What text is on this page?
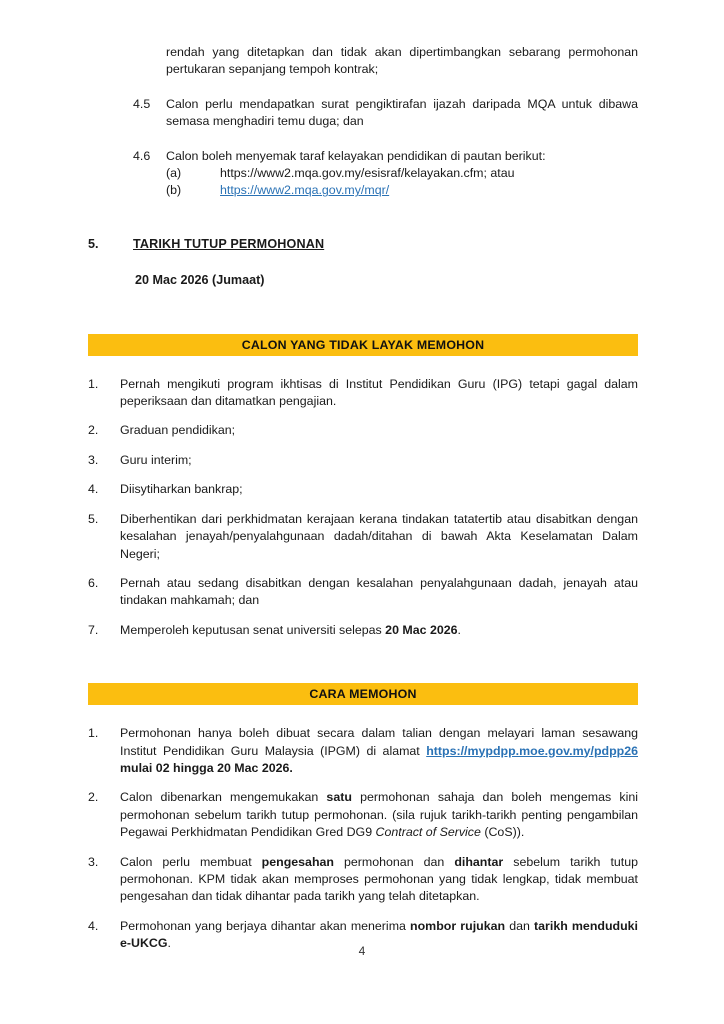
rendah yang ditetapkan dan tidak akan dipertimbangkan sebarang permohonan pertukaran sepanjang tempoh kontrak;

4.5	Calon perlu mendapatkan surat pengiktirafan ijazah daripada MQA untuk dibawa semasa menghadiri temu duga; dan
4.6	Calon boleh menyemak taraf kelayakan pendidikan di pautan berikut:
(a)	https://www2.mqa.gov.my/esisraf/kelayakan.cfm; atau
(b)	https://www2.mqa.gov.my/mqr/
5.	TARIKH TUTUP PERMOHONAN
20 Mac 2026 (Jumaat)
CALON YANG TIDAK LAYAK MEMOHON
1.	Pernah mengikuti program ikhtisas di Institut Pendidikan Guru (IPG) tetapi gagal dalam peperiksaan dan ditamatkan pengajian.
2.	Graduan pendidikan;
3.	Guru interim;
4.	Diisytiharkan bankrap;
5.	Diberhentikan dari perkhidmatan kerajaan kerana tindakan tatatertib atau disabitkan dengan kesalahan jenayah/penyalahgunaan dadah/ditahan di bawah Akta Keselamatan Dalam Negeri;
6.	Pernah atau sedang disabitkan dengan kesalahan penyalahgunaan dadah, jenayah atau tindakan mahkamah; dan
7.	Memperoleh keputusan senat universiti selepas 20 Mac 2026.
CARA MEMOHON
1.	Permohonan hanya boleh dibuat secara dalam talian dengan melayari laman sesawang Institut Pendidikan Guru Malaysia (IPGM) di alamat https://mypdpp.moe.gov.my/pdpp26 mulai 02 hingga 20 Mac 2026.
2.	Calon dibenarkan mengemukakan satu permohonan sahaja dan boleh mengemas kini permohonan sebelum tarikh tutup permohonan. (sila rujuk tarikh-tarikh penting pengambilan Pegawai Perkhidmatan Pendidikan Gred DG9 Contract of Service (CoS)).
3.	Calon perlu membuat pengesahan permohonan dan dihantar sebelum tarikh tutup permohonan. KPM tidak akan memproses permohonan yang tidak lengkap, tidak membuat pengesahan dan tidak dihantar pada tarikh yang telah ditetapkan.
4.	Permohonan yang berjaya dihantar akan menerima nombor rujukan dan tarikh menduduki e-UKCG.
4
